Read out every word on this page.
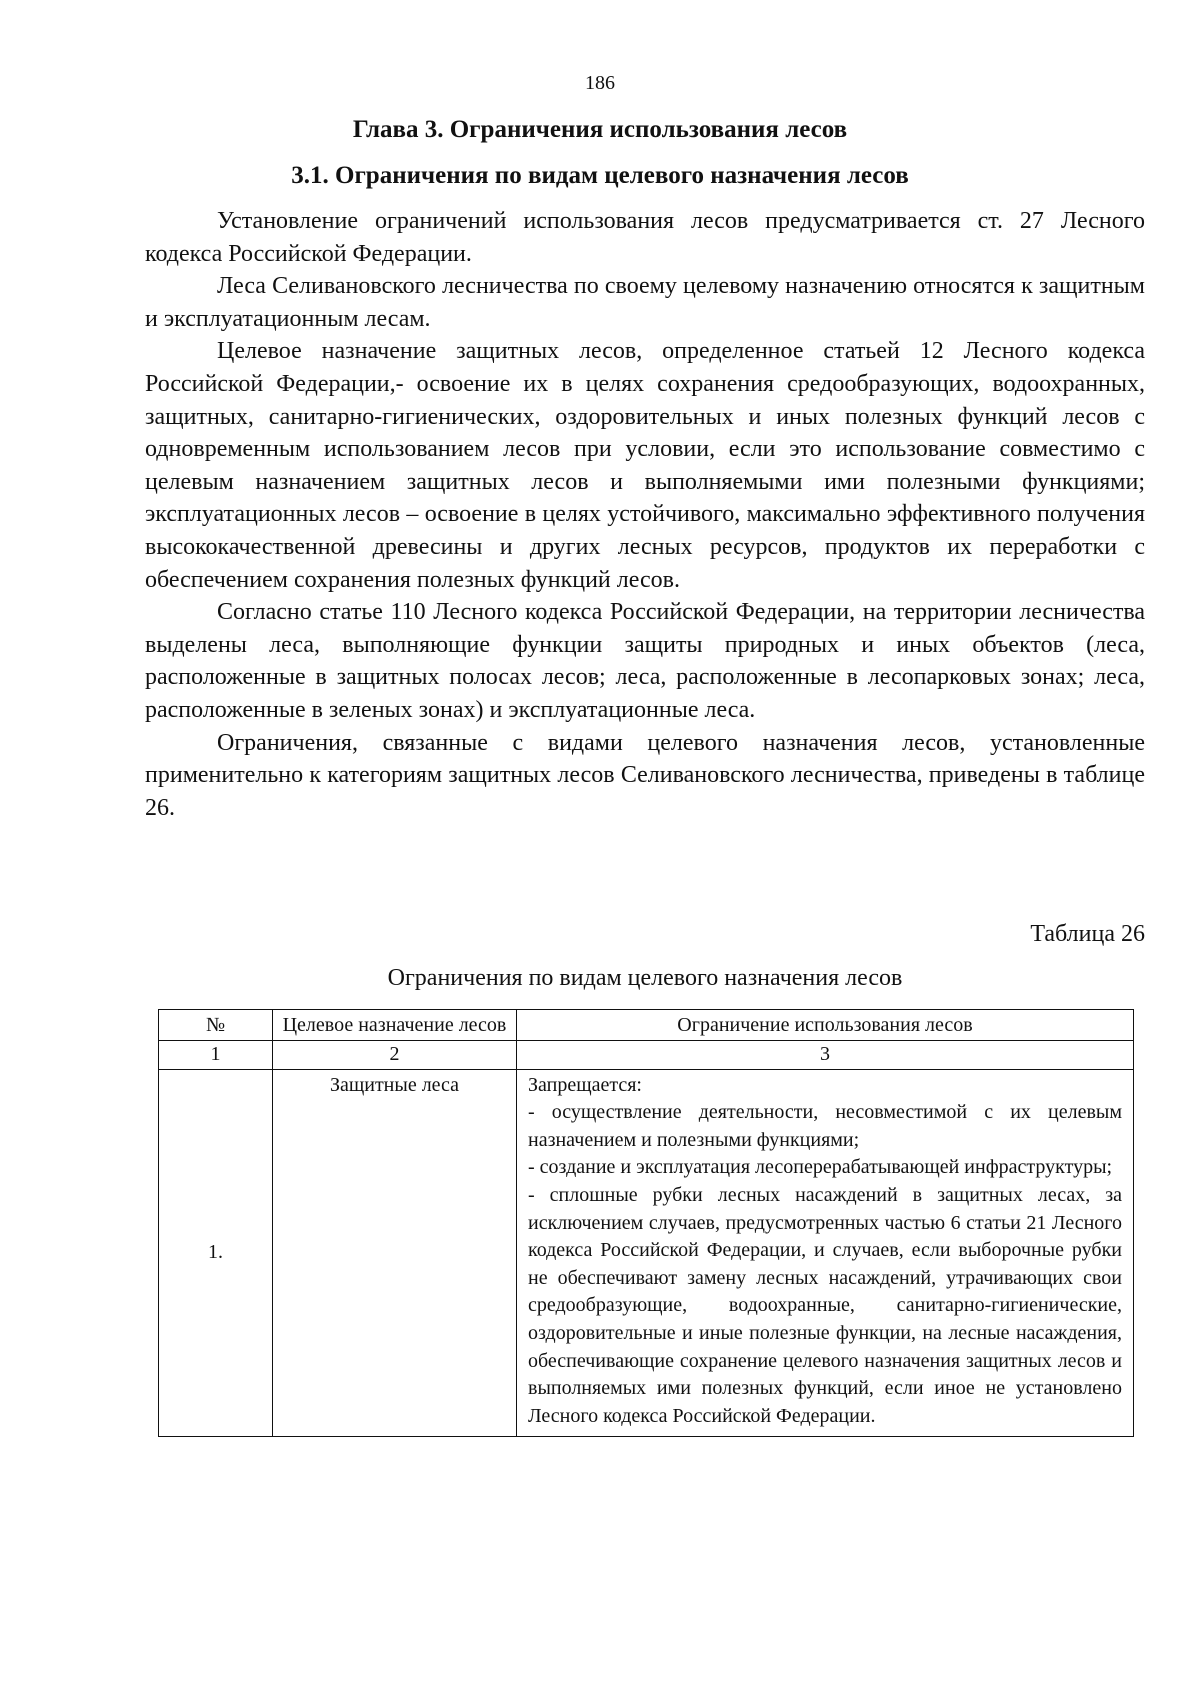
186
Глава 3. Ограничения использования лесов
3.1. Ограничения по видам целевого назначения лесов

Установление ограничений использования лесов предусматривается ст. 27 Лесного кодекса Российской Федерации.

Леса Селивановского лесничества по своему целевому назначению относятся к защитным и эксплуатационным лесам.

Целевое назначение защитных лесов, определенное статьей 12 Лесного кодекса Российской Федерации,- освоение их в целях сохранения средообразующих, водоохранных, защитных, санитарно-гигиенических, оздоровительных и иных полезных функций лесов с одновременным использованием лесов при условии, если это использование совместимо с целевым назначением защитных лесов и выполняемыми ими полезными функциями; эксплуатационных лесов – освоение в целях устойчивого, максимально эффективного получения высококачественной древесины и других лесных ресурсов, продуктов их переработки с обеспечением сохранения полезных функций лесов.

Согласно статье 110 Лесного кодекса Российской Федерации, на территории лесничества выделены леса, выполняющие функции защиты природных и иных объектов (леса, расположенные в защитных полосах лесов; леса, расположенные в лесопарковых зонах; леса, расположенные в зеленых зонах) и эксплуатационные леса.

Ограничения, связанные с видами целевого назначения лесов, установленные применительно к категориям защитных лесов Селивановского лесничества, приведены в таблице 26.

Таблица 26
Ограничения по видам целевого назначения лесов
№	Целевое назначение лесов	Ограничение использования лесов
1	2	3
1.	Защитные леса	Запрещается:
- осуществление деятельности, несовместимой с их целевым назначением и полезными функциями;
- создание и эксплуатация лесоперерабатывающей инфраструктуры;
- сплошные рубки лесных насаждений в защитных лесах, за исключением случаев, предусмотренных частью 6 статьи 21 Лесного кодекса Российской Федерации, и случаев, если выборочные рубки не обеспечивают замену лесных насаждений, утрачивающих свои средообразующие, водоохранные, санитарно-гигиенические, оздоровительные и иные полезные функции, на лесные насаждения, обеспечивающие сохранение целевого назначения защитных лесов и выполняемых ими полезных функций, если иное не установлено Лесного кодекса Российской Федерации.
